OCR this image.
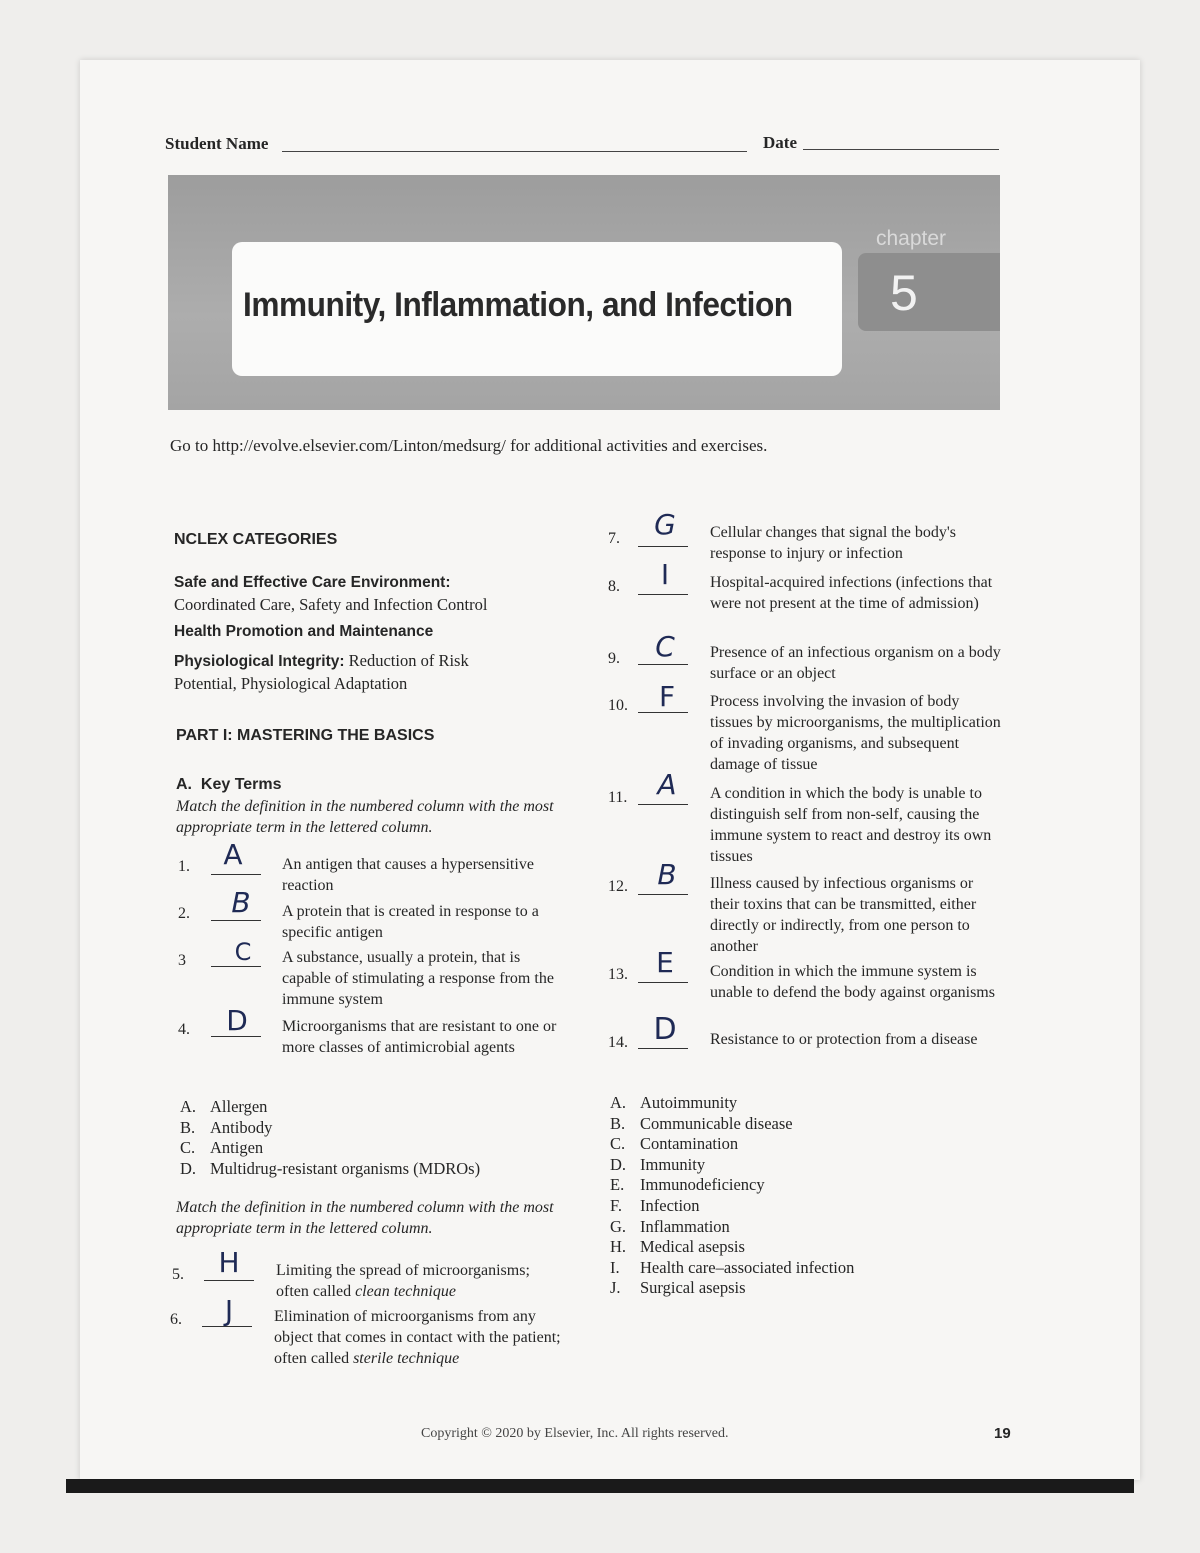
Student Name	Date
Immunity, Inflammation, and Infection
chapter
5
Go to http://evolve.elsevier.com/Linton/medsurg/ for additional activities and exercises.
NCLEX CATEGORIES
Safe and Effective Care Environment:
Coordinated Care, Safety and Infection Control
Health Promotion and Maintenance
Physiological Integrity: Reduction of Risk Potential, Physiological Adaptation
PART I: MASTERING THE BASICS
A.  Key Terms
Match the definition in the numbered column with the most appropriate term in the lettered column.
1.	A	An antigen that causes a hypersensitive reaction
2.	B	A protein that is created in response to a specific antigen
3	C	A substance, usually a protein, that is capable of stimulating a response from the immune system
4.	D	Microorganisms that are resistant to one or more classes of antimicrobial agents
A. Allergen
B. Antibody
C. Antigen
D. Multidrug-resistant organisms (MDROs)
Match the definition in the numbered column with the most appropriate term in the lettered column.
5.	H	Limiting the spread of microorganisms; often called clean technique
6.	J	Elimination of microorganisms from any object that comes in contact with the patient; often called sterile technique
7.	G	Cellular changes that signal the body's response to injury or infection
8.	I	Hospital-acquired infections (infections that were not present at the time of admission)
9.	C	Presence of an infectious organism on a body surface or an object
10.	F	Process involving the invasion of body tissues by microorganisms, the multiplication of invading organisms, and subsequent damage of tissue
11.	A	A condition in which the body is unable to distinguish self from non-self, causing the immune system to react and destroy its own tissues
12.	B	Illness caused by infectious organisms or their toxins that can be transmitted, either directly or indirectly, from one person to another
13.	E	Condition in which the immune system is unable to defend the body against organisms
14. D	Resistance to or protection from a disease
A. Autoimmunity
B. Communicable disease
C. Contamination
D. Immunity
E. Immunodeficiency
F. Infection
G. Inflammation
H. Medical asepsis
I. Health care–associated infection
J. Surgical asepsis
Copyright © 2020 by Elsevier, Inc. All rights reserved.	19
